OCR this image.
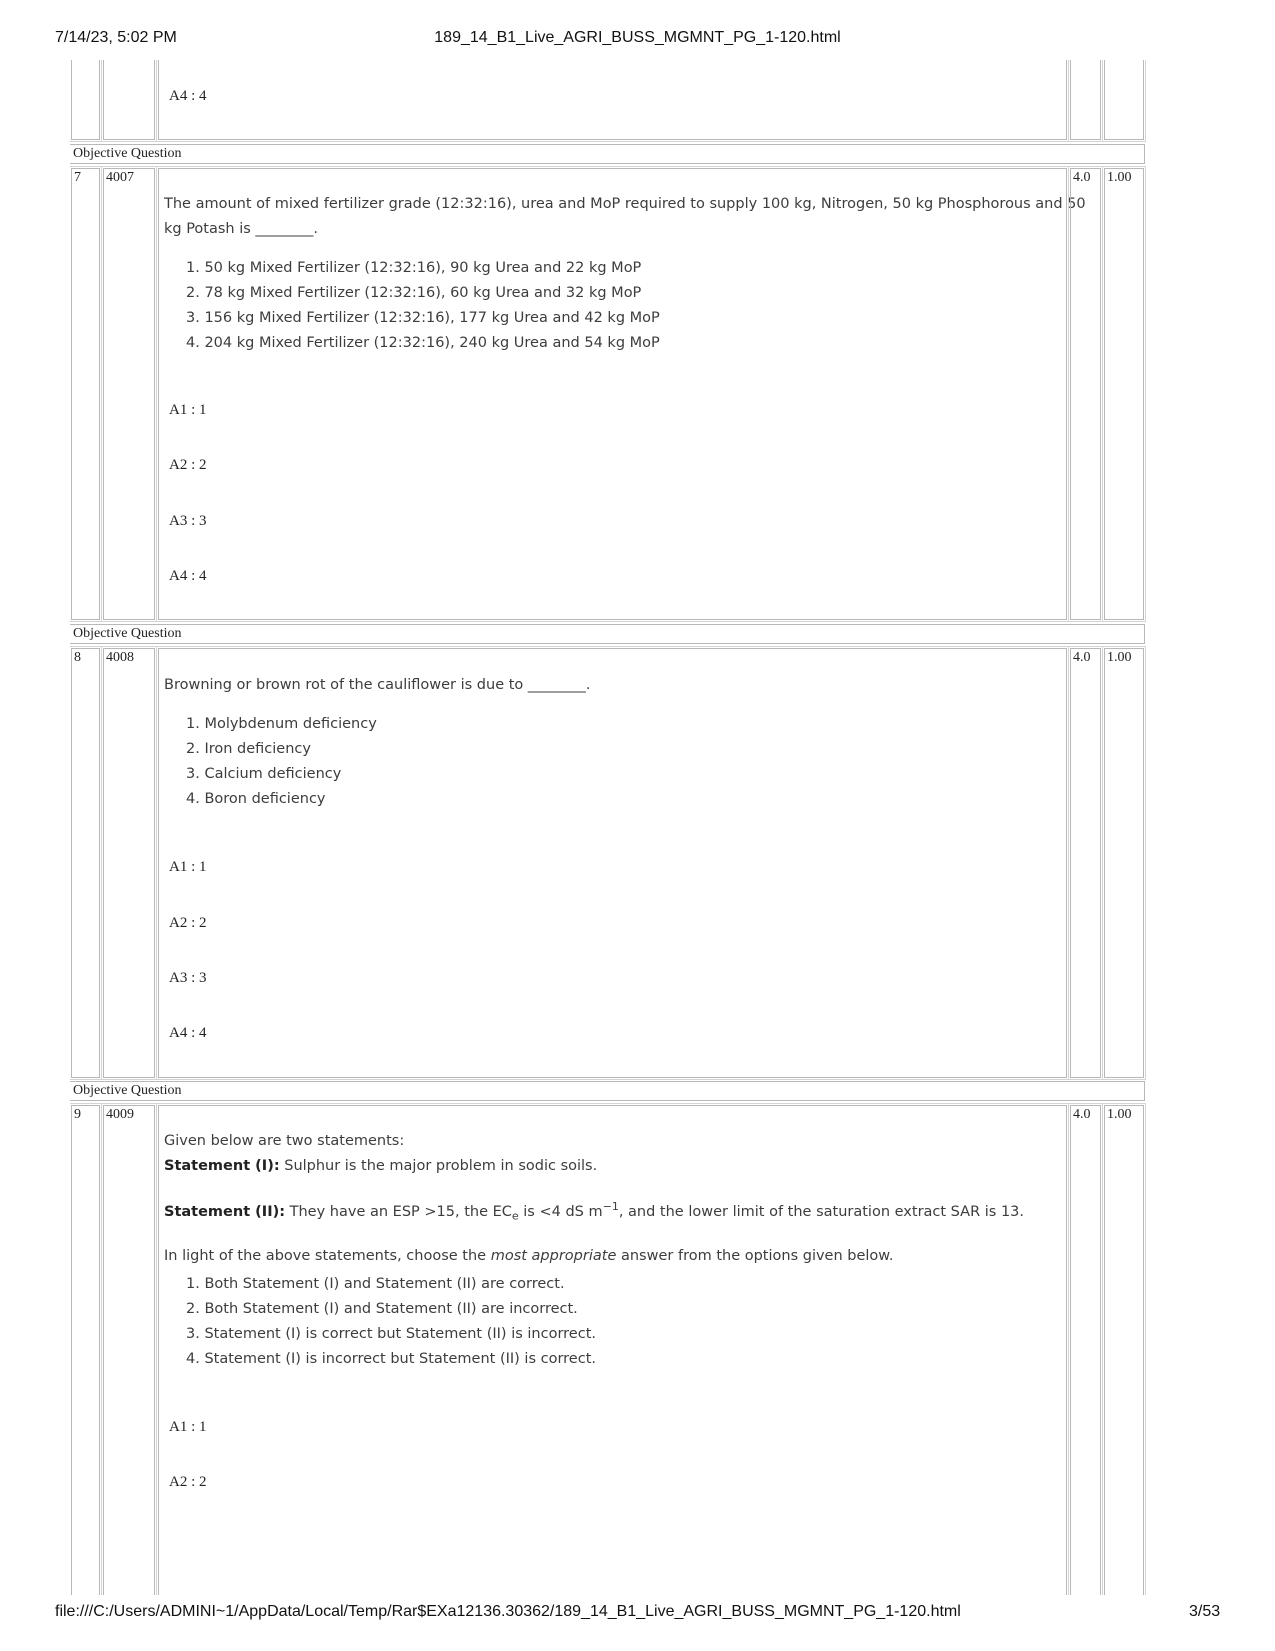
7/14/23, 5:02 PM	189_14_B1_Live_AGRI_BUSS_MGMNT_PG_1-120.html
A4 : 4
Objective Question
7 4007
The amount of mixed fertilizer grade (12:32:16), urea and MoP required to supply 100 kg, Nitrogen, 50 kg Phosphorous and 50
kg Potash is ________.
1. 50 kg Mixed Fertilizer (12:32:16), 90 kg Urea and 22 kg MoP
2. 78 kg Mixed Fertilizer (12:32:16), 60 kg Urea and 32 kg MoP
3. 156 kg Mixed Fertilizer (12:32:16), 177 kg Urea and 42 kg MoP
4. 204 kg Mixed Fertilizer (12:32:16), 240 kg Urea and 54 kg MoP
A1 : 1
A2 : 2
A3 : 3
A4 : 4
4.0 1.00
Objective Question
8 4008
Browning or brown rot of the cauliflower is due to ________.
1. Molybdenum deficiency
2. Iron deficiency
3. Calcium deficiency
4. Boron deficiency
A1 : 1
A2 : 2
A3 : 3
A4 : 4
4.0 1.00
Objective Question
9 4009
Given below are two statements:
Statement (I): Sulphur is the major problem in sodic soils.
Statement (II): They have an ESP >15, the $EC_e$ is <4 dS $m^{-1}$, and the lower limit of the saturation extract SAR is 13.
In light of the above statements, choose the most appropriate answer from the options given below.
1. Both Statement (I) and Statement (II) are correct.
2. Both Statement (I) and Statement (II) are incorrect.
3. Statement (I) is correct but Statement (II) is incorrect.
4. Statement (I) is incorrect but Statement (II) is correct.
A1 : 1
A2 : 2
4.0 1.00
file:///C:/Users/ADMINI~1/AppData/Local/Temp/Rar$EXa12136.30362/189_14_B1_Live_AGRI_BUSS_MGMNT_PG_1-120.html	3/53
